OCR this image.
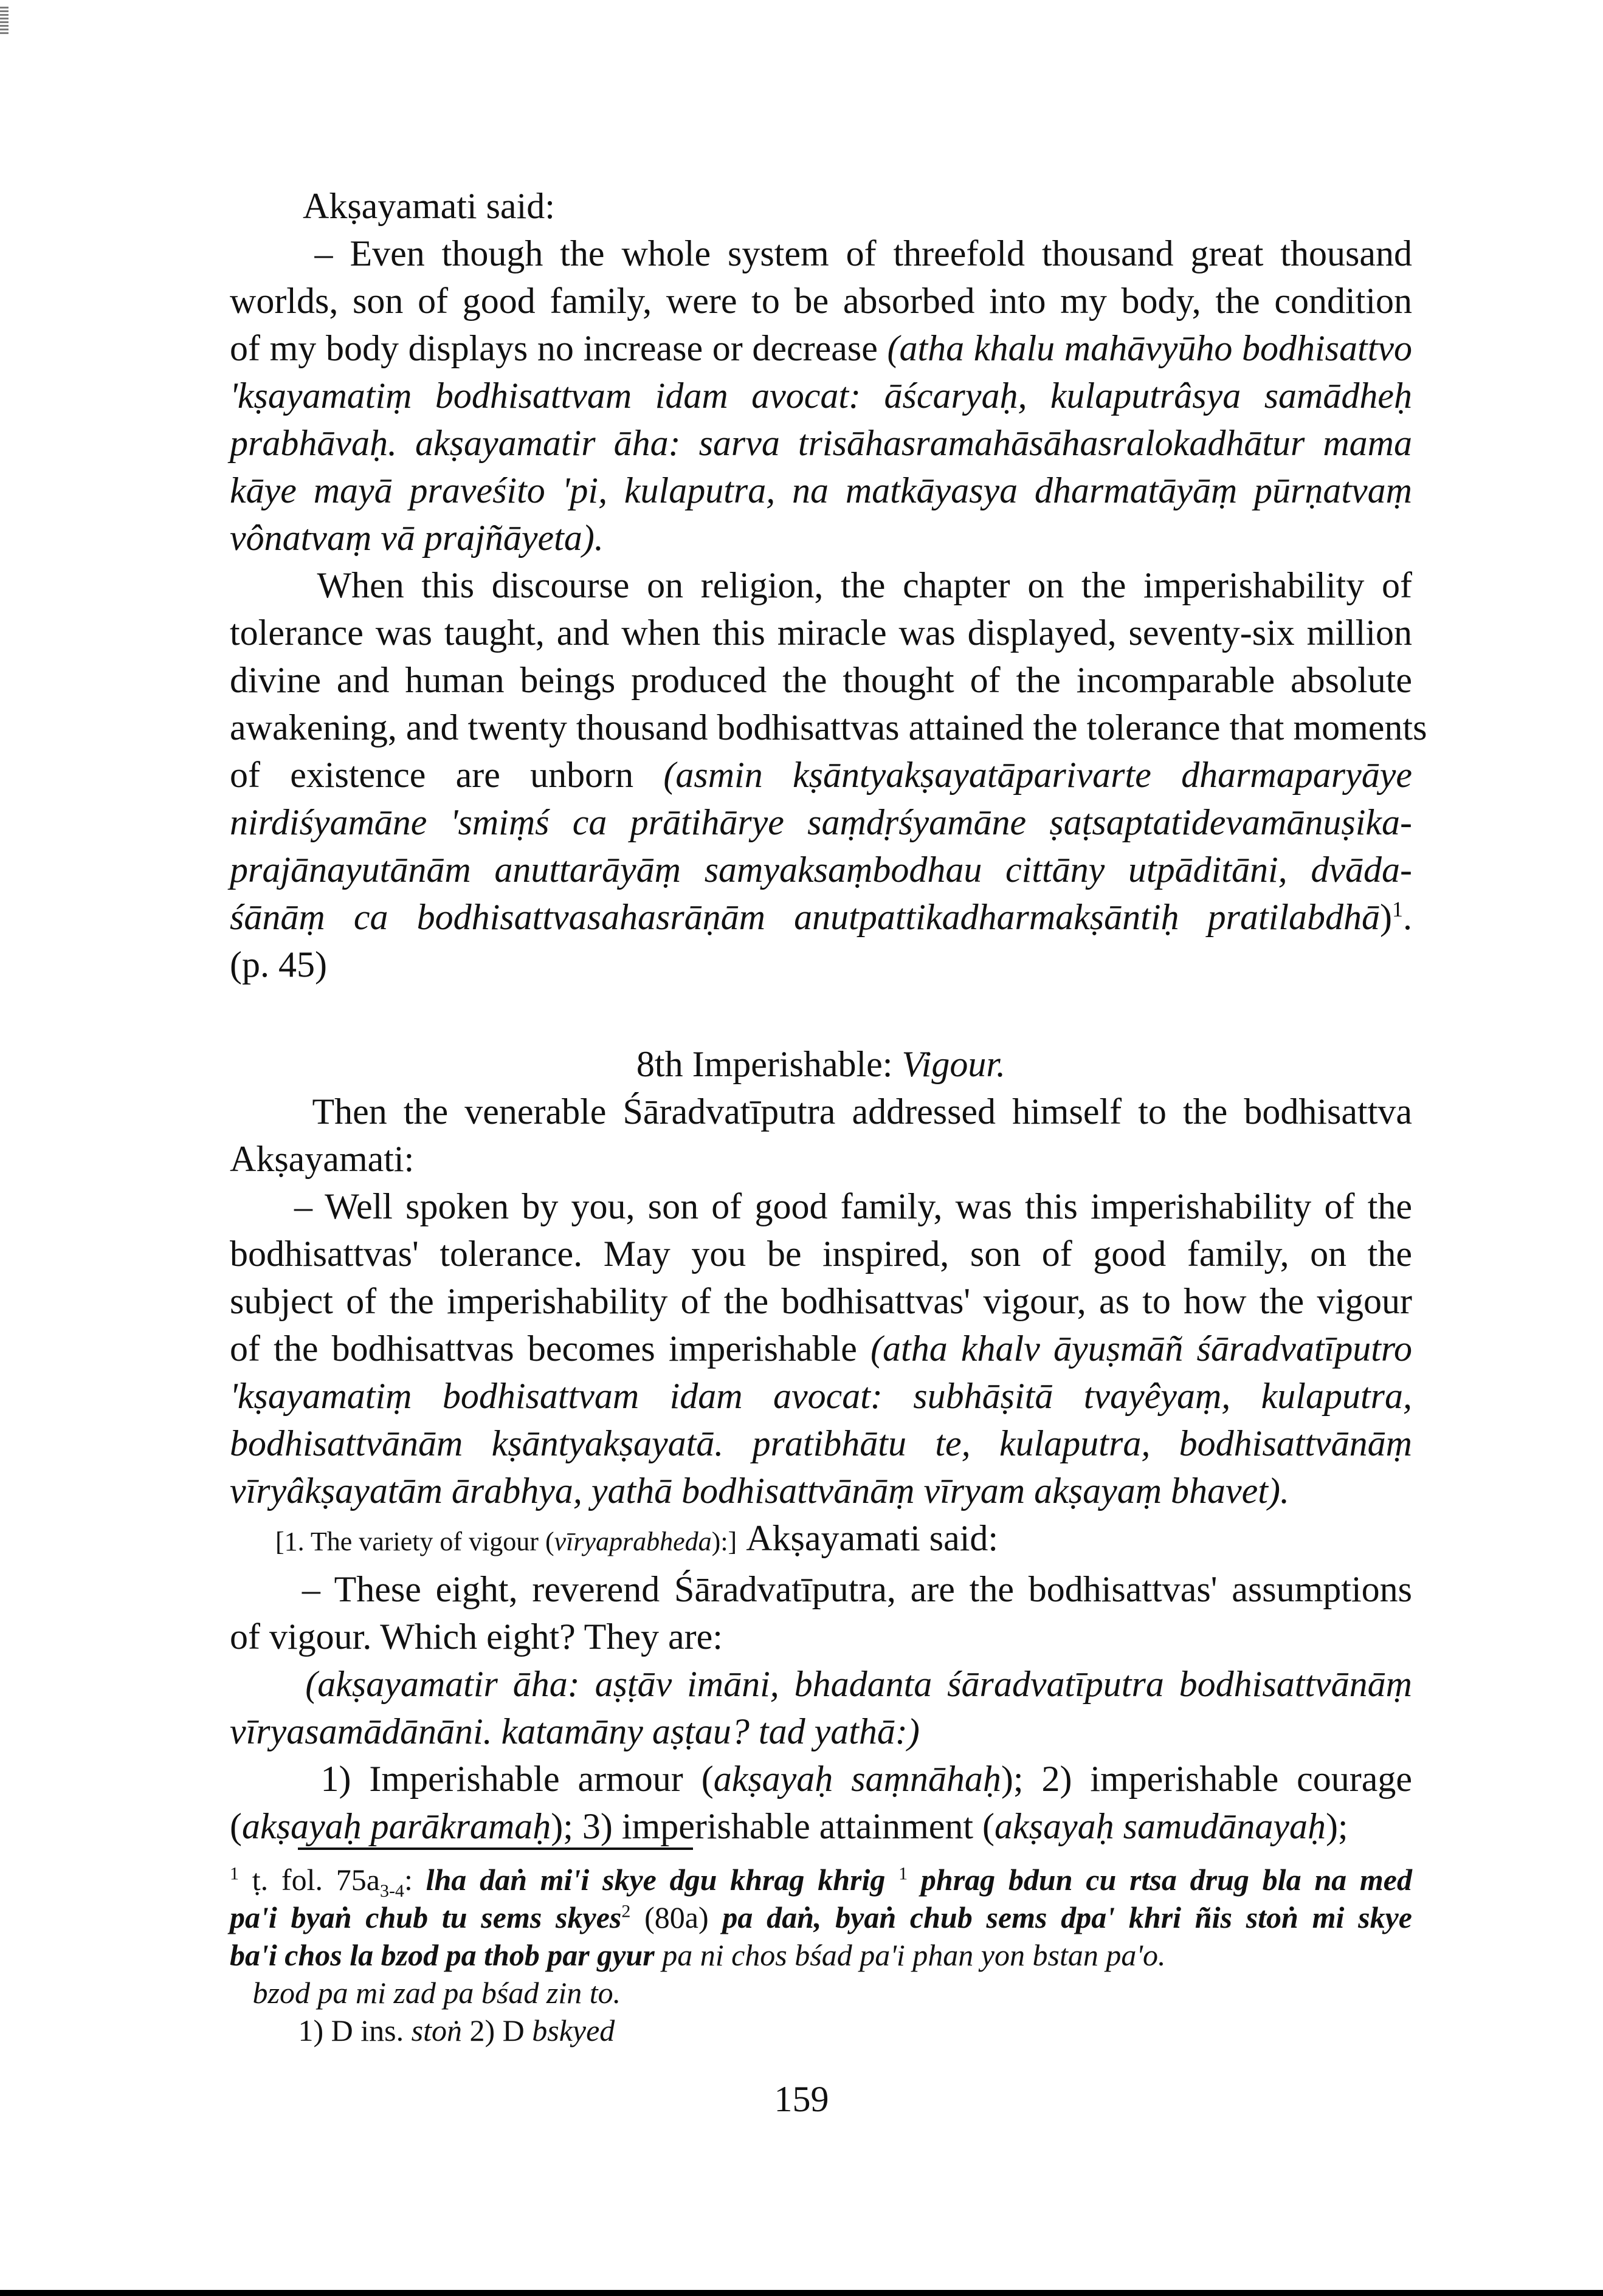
Akṣayamati said:
– Even though the whole system of threefold thousand great thousand
worlds, son of good family, were to be absorbed into my body, the condition
of my body displays no increase or decrease (atha khalu mahāvyūho bodhisattvo
'kṣayamatiṃ bodhisattvam idam avocat: āścaryaḥ, kulaputrâsya samādheḥ
prabhāvaḥ. akṣayamatir āha: sarva trisāhasramahāsāhasralokadhātur mama
kāye mayā praveśito 'pi, kulaputra, na matkāyasya dharmatāyāṃ pūrṇatvaṃ
vônatvaṃ vā prajñāyeta).
When this discourse on religion, the chapter on the imperishability of
tolerance was taught, and when this miracle was displayed, seventy-six million
divine and human beings produced the thought of the incomparable absolute
awakening, and twenty thousand bodhisattvas attained the tolerance that moments
of existence are unborn (asmin kṣāntyakṣayatāparivarte dharmaparyāye
nirdiśyamāne 'smiṃś ca prātihārye saṃdṛśyamāne ṣaṭsaptatidevamānuṣika-
prajānayutānām anuttarāyāṃ samyaksaṃbodhau cittāny utpāditāni, dvāda-
śānāṃ ca bodhisattvasahasrāṇām anutpattikadharmakṣāntiḥ pratilabdhā)$^1$.
(p. 45)
8th Imperishable: Vigour.
Then the venerable Śāradvatīputra addressed himself to the bodhisattva
Akṣayamati:
– Well spoken by you, son of good family, was this imperishability of the
bodhisattvas' tolerance. May you be inspired, son of good family, on the
subject of the imperishability of the bodhisattvas' vigour, as to how the vigour
of the bodhisattvas becomes imperishable (atha khalv āyuṣmāñ śāradvatīputro
'kṣayamatiṃ bodhisattvam idam avocat: subhāṣitā tvayêyaṃ, kulaputra,
bodhisattvānām kṣāntyakṣayatā. pratibhātu te, kulaputra, bodhisattvānāṃ
vīryâkṣayatām ārabhya, yathā bodhisattvānāṃ vīryam akṣayaṃ bhavet).
[1. The variety of vigour (vīryaprabheda):] Akṣayamati said:
– These eight, reverend Śāradvatīputra, are the bodhisattvas' assumptions
of vigour. Which eight? They are:
(akṣayamatir āha: aṣṭāv imāni, bhadanta śāradvatīputra bodhisattvānāṃ
vīryasamādānāni. katamāny aṣṭau? tad yathā:)
1) Imperishable armour (akṣayaḥ saṃnāhaḥ); 2) imperishable courage
(akṣayaḥ parākramaḥ); 3) imperishable attainment (akṣayaḥ samudānayaḥ);
$^1$ ṭ. fol. $75a_{3-4}$: lha daṅ mi'i skye dgu khrag khrig $^1$ phrag bdun cu rtsa drug bla na med
pa'i byaṅ chub tu sems skyes$^2$ (80a) pa daṅ, byaṅ chub sems dpa' khri ñis stoṅ mi skye
ba'i chos la bzod pa thob par gyur pa ni chos bśad pa'i phan yon bstan pa'o.
bzod pa mi zad pa bśad zin to.
1) D ins. stoṅ 2) D bskyed
159
